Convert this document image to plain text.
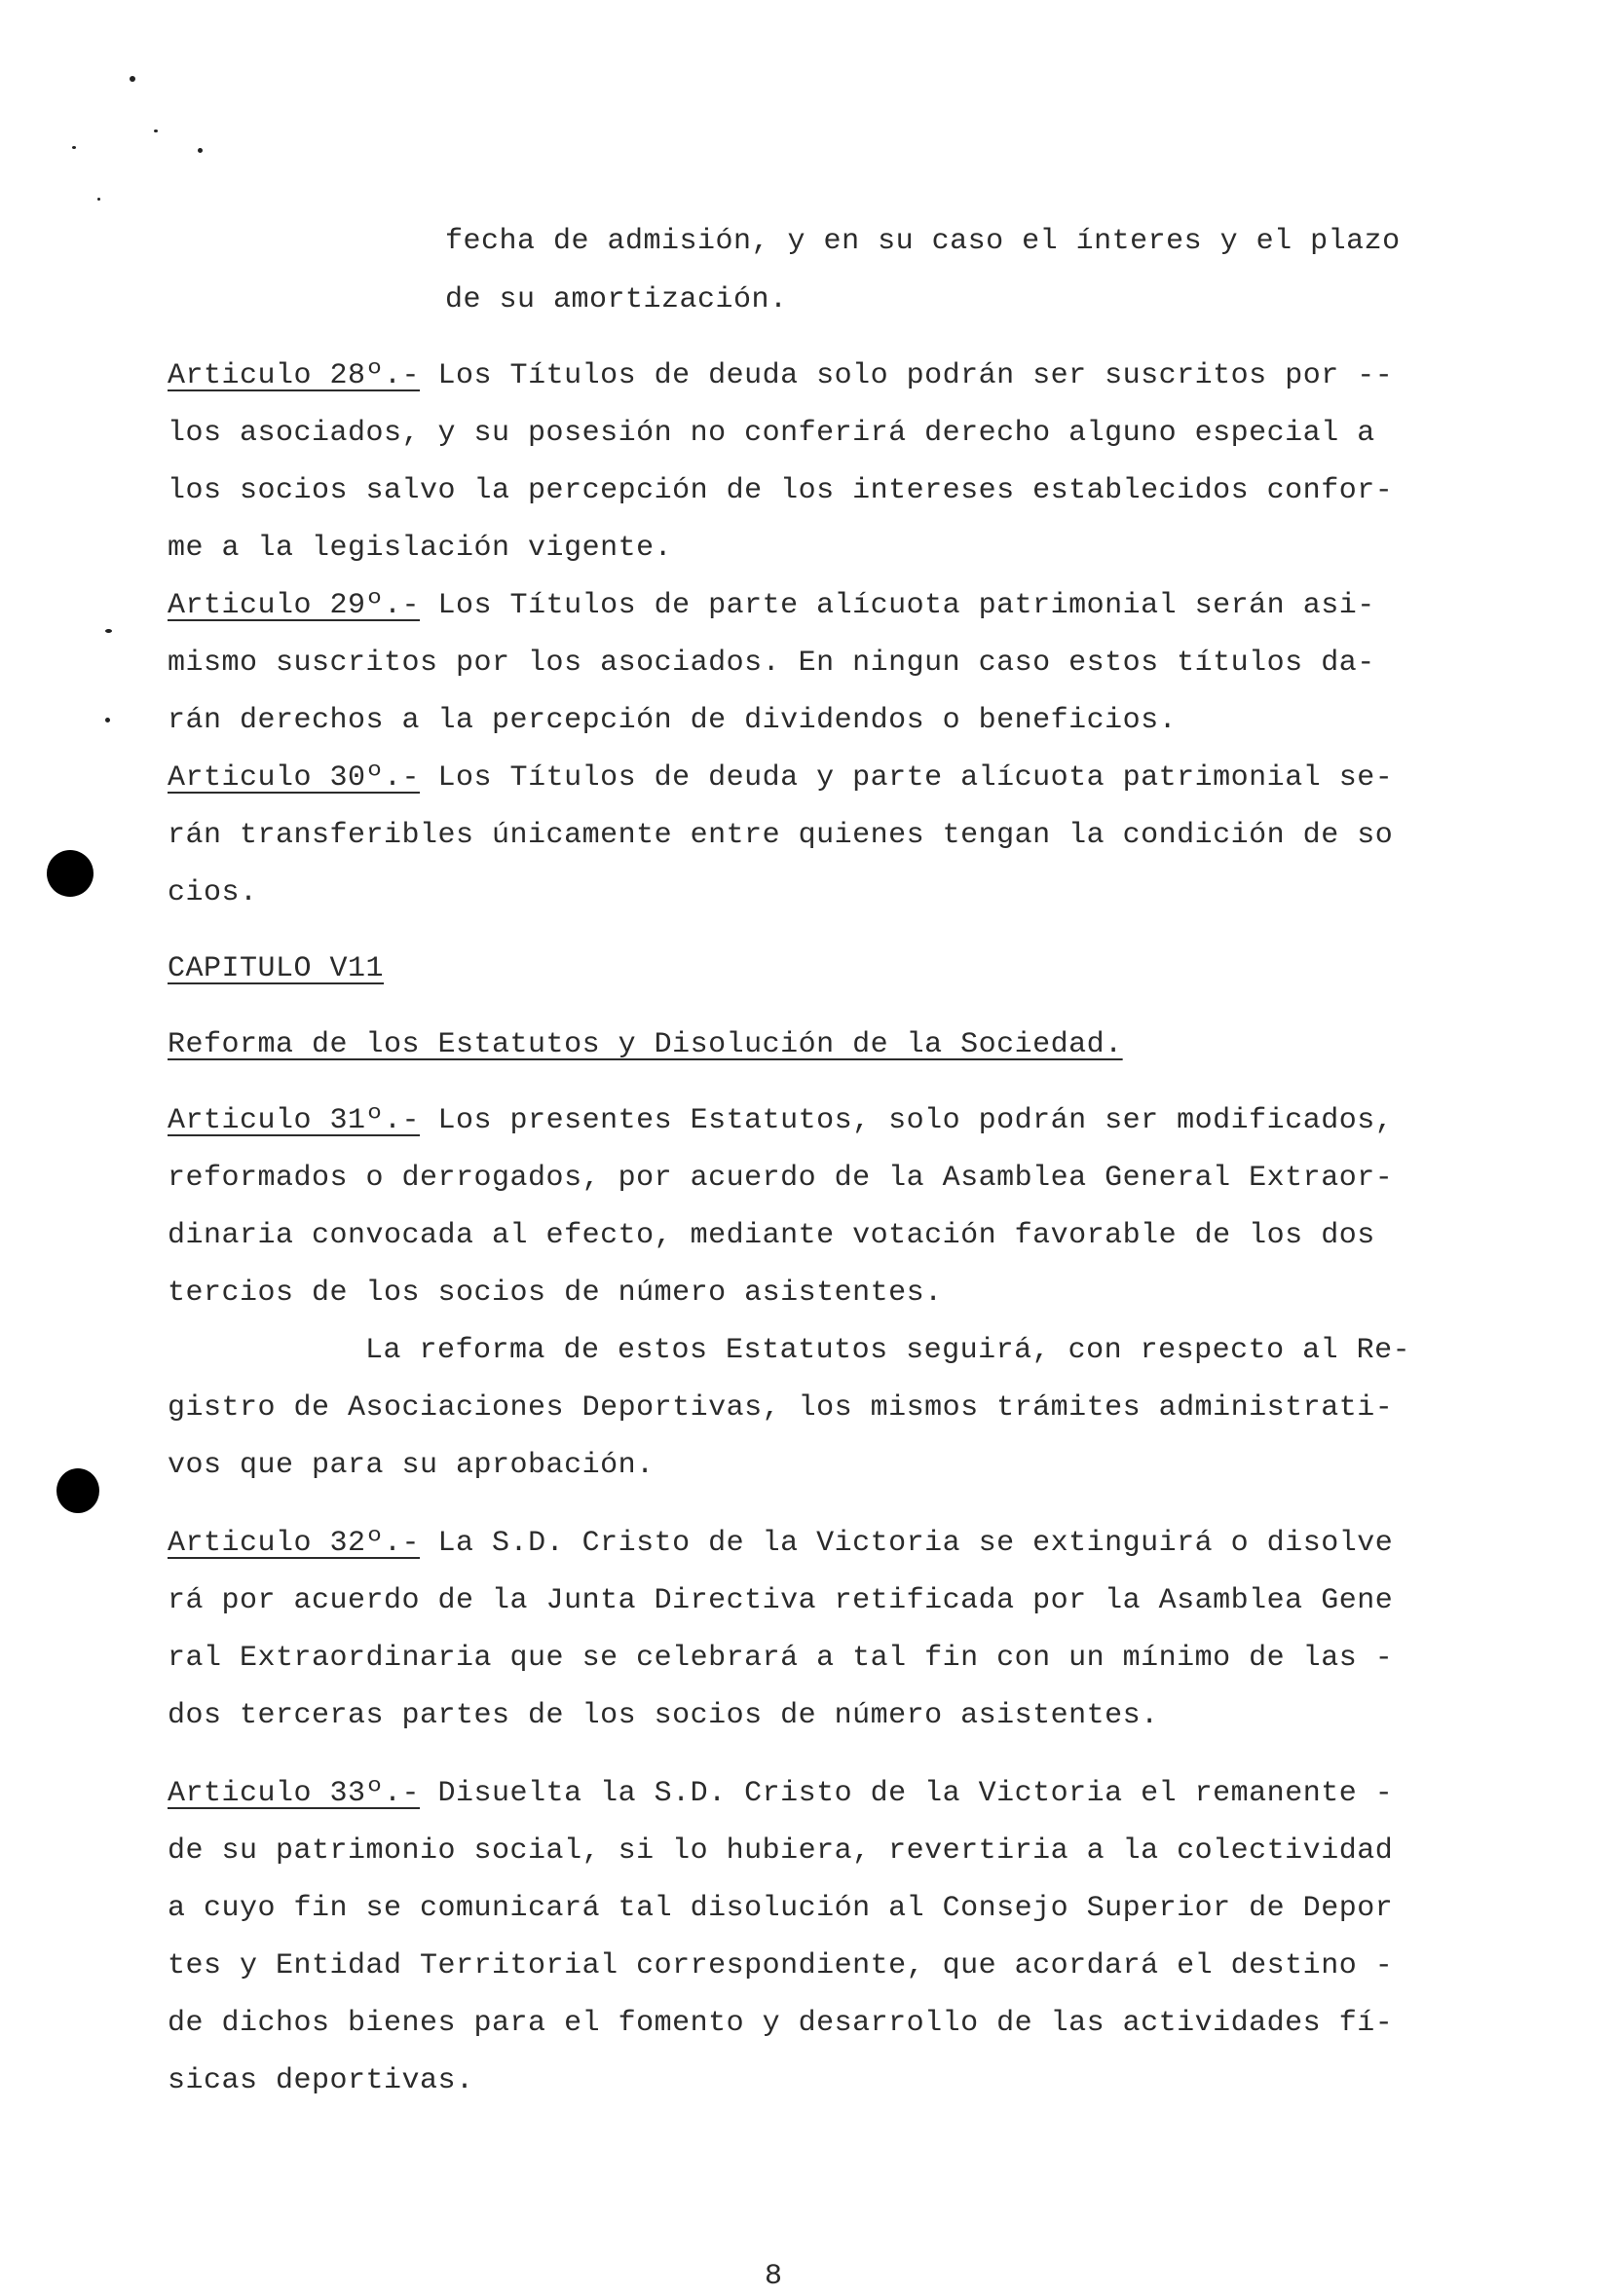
fecha de admisión, y en su caso el ínteres y el plazo
de su amortización.
Articulo 28º.- Los Títulos de deuda solo podrán ser suscritos por --
los asociados, y su posesión no conferirá derecho alguno especial a
los socios salvo la percepción de los intereses establecidos confor-
me a la legislación vigente.
Articulo 29º.- Los Títulos de parte alícuota patrimonial serán asi-
mismo suscritos por los asociados. En ningun caso estos títulos da-
rán derechos a la percepción de dividendos o beneficios.
Articulo 30º.- Los Títulos de deuda y parte alícuota patrimonial se-
rán transferibles únicamente entre quienes tengan la condición de so
cios.
CAPITULO V11
Reforma de los Estatutos y Disolución de la Sociedad.
Articulo 31º.- Los presentes Estatutos, solo podrán ser modificados,
reformados o derrogados, por acuerdo de la Asamblea General Extraor-
dinaria convocada al efecto, mediante votación favorable de los dos
tercios de los socios de número asistentes.
La reforma de estos Estatutos seguirá, con respecto al Re-
gistro de Asociaciones Deportivas, los mismos trámites administrati-
vos que para su aprobación.
Articulo 32º.- La S.D. Cristo de la Victoria se extinguirá o disolve
rá por acuerdo de la Junta Directiva retificada por la Asamblea Gene
ral Extraordinaria que se celebrará a tal fin con un mínimo de las -
dos terceras partes de los socios de número asistentes.
Articulo 33º.- Disuelta la S.D. Cristo de la Victoria el remanente -
de su patrimonio social, si lo hubiera, revertiria a la colectividad
a cuyo fin se comunicará tal disolución al Consejo Superior de Depor
tes y Entidad Territorial correspondiente, que acordará el destino -
de dichos bienes para el fomento y desarrollo de las actividades fí-
sicas deportivas.
8
